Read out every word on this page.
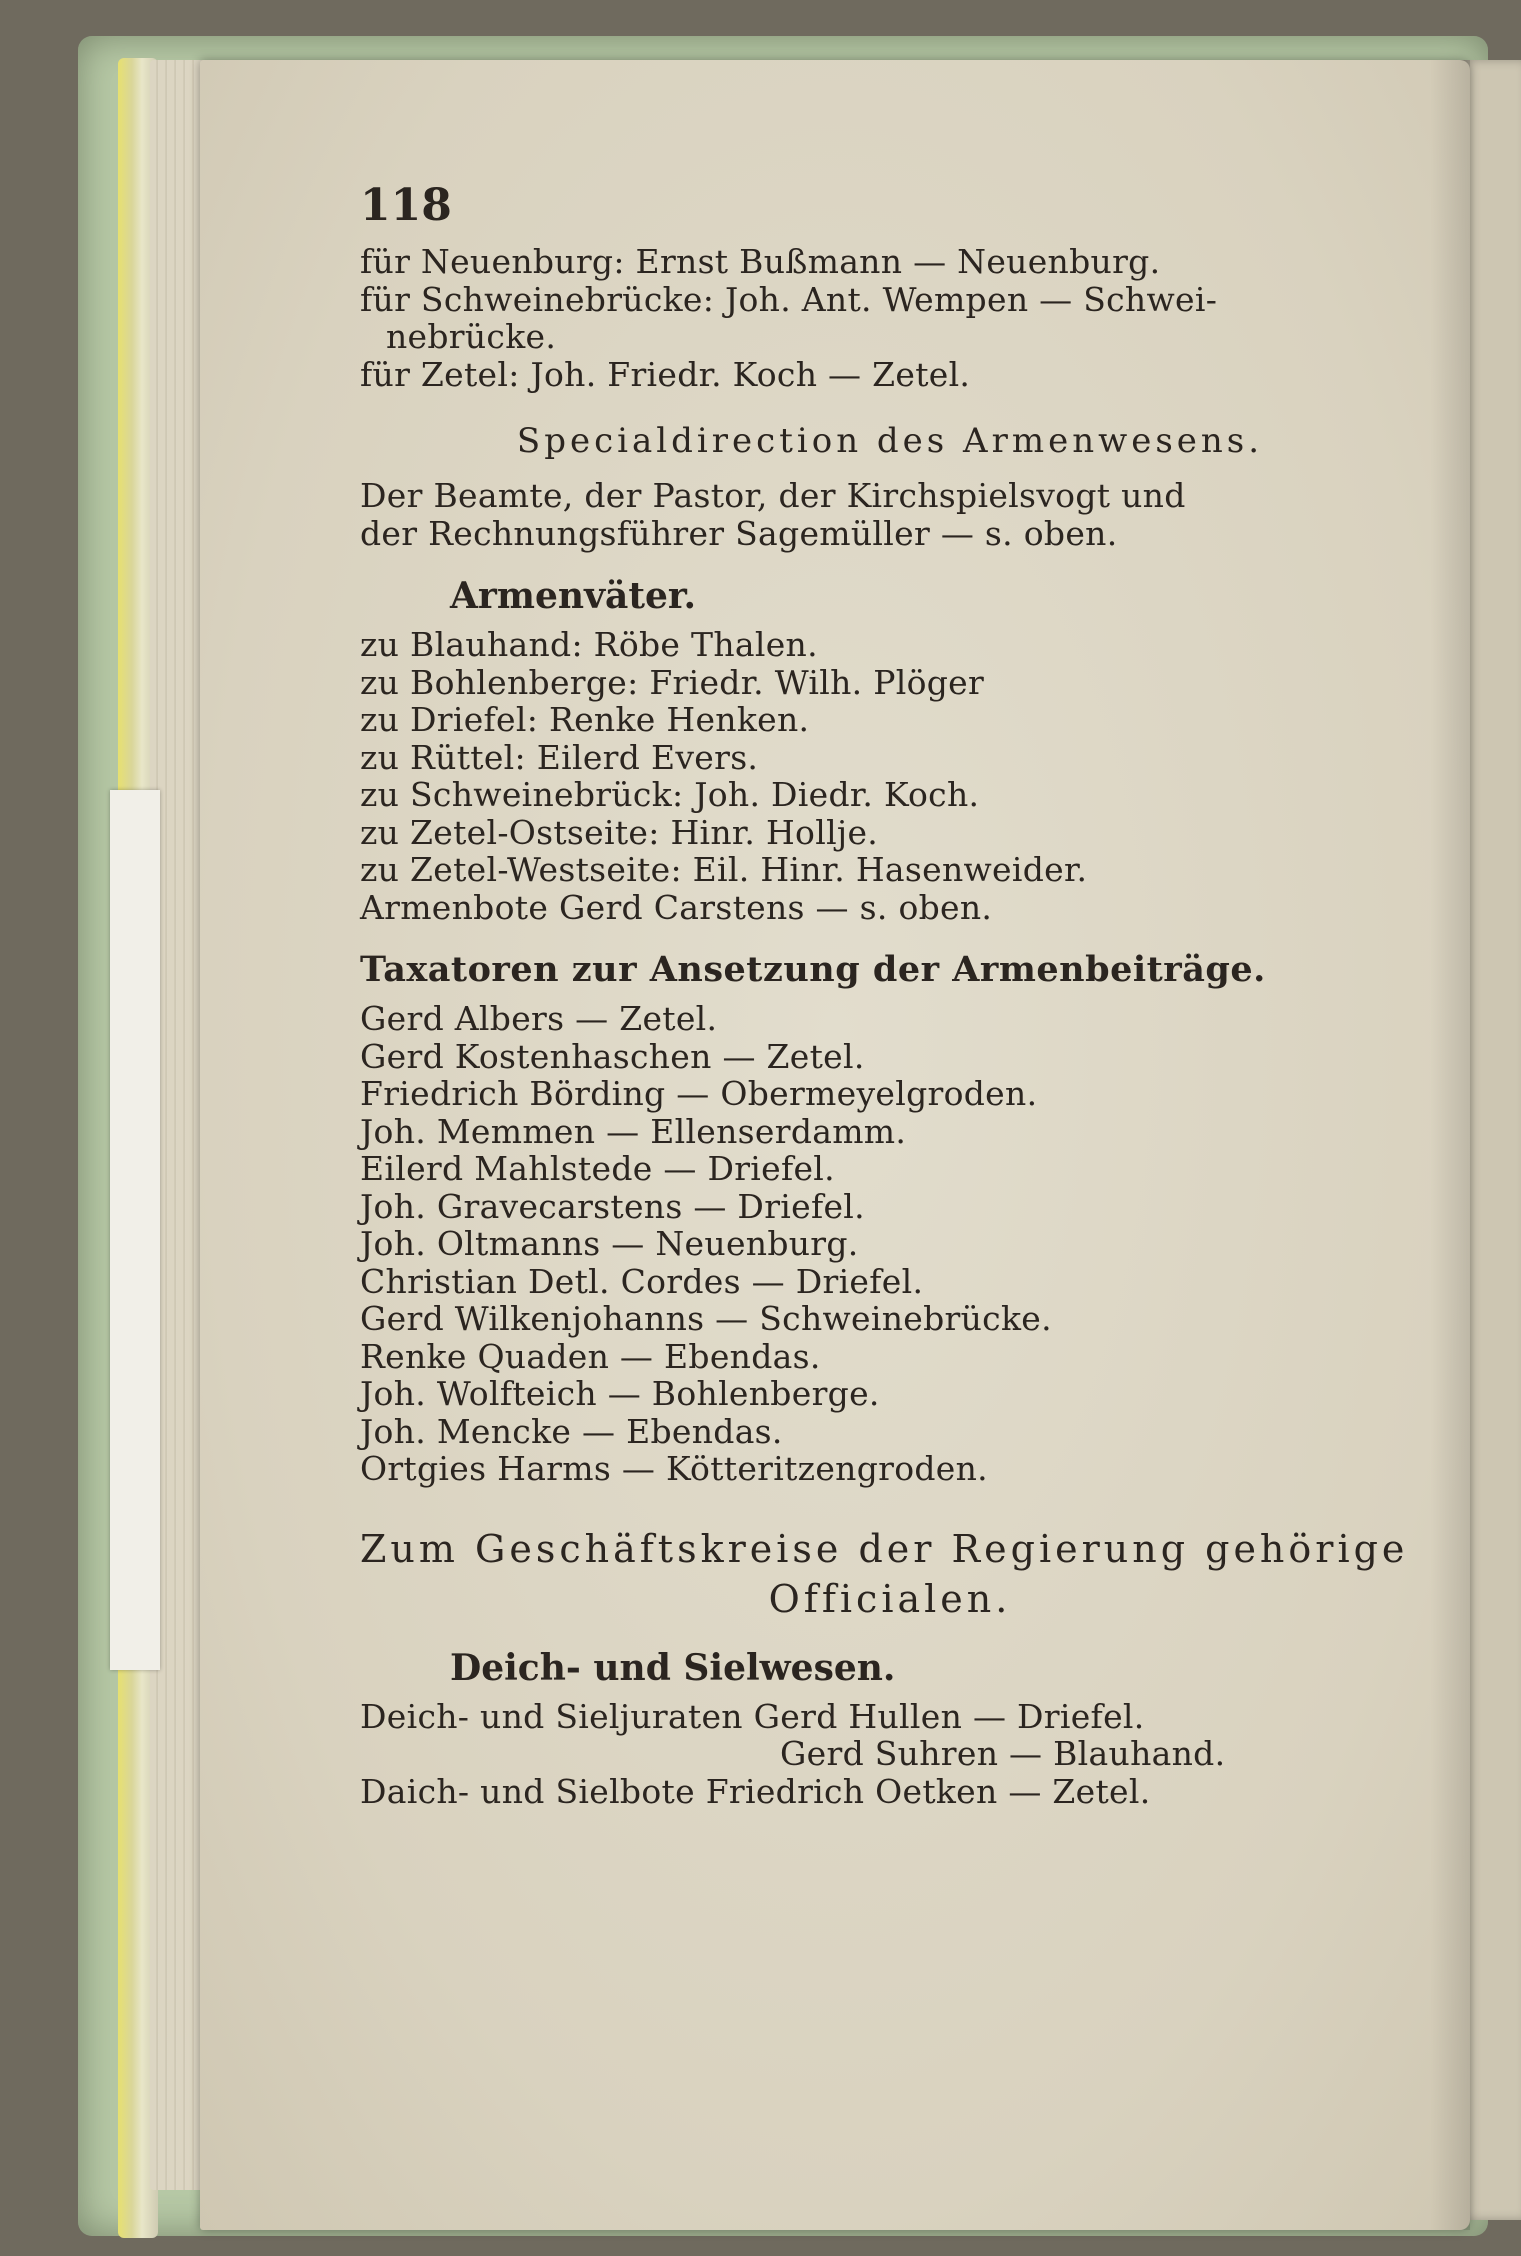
118
für Neuenburg: Ernst Bußmann — Neuenburg.
für Schweinebrücke: Joh. Ant. Wempen — Schwei-
nebrücke.
für Zetel: Joh. Friedr. Koch — Zetel.
Specialdirection des Armenwesens.
Der Beamte, der Pastor, der Kirchspielsvogt und
der Rechnungsführer Sagemüller — s. oben.
Armenväter.
zu Blauhand: Röbe Thalen.
zu Bohlenberge: Friedr. Wilh. Plöger
zu Driefel: Renke Henken.
zu Rüttel: Eilerd Evers.
zu Schweinebrück: Joh. Diedr. Koch.
zu Zetel-Ostseite: Hinr. Hollje.
zu Zetel-Westseite: Eil. Hinr. Hasenweider.
Armenbote Gerd Carstens — s. oben.
Taxatoren zur Ansetzung der Armenbeiträge.
Gerd Albers — Zetel.
Gerd Kostenhaschen — Zetel.
Friedrich Börding — Obermeyelgroden.
Joh. Memmen — Ellenserdamm.
Eilerd Mahlstede — Driefel.
Joh. Gravecarstens — Driefel.
Joh. Oltmanns — Neuenburg.
Christian Detl. Cordes — Driefel.
Gerd Wilkenjohanns — Schweinebrücke.
Renke Quaden — Ebendas.
Joh. Wolfteich — Bohlenberge.
Joh. Mencke — Ebendas.
Ortgies Harms — Kötteritzengroden.
Zum Geschäftskreise der Regierung gehörige
Officialen.
Deich- und Sielwesen.
Deich- und Sieljuraten Gerd Hullen — Driefel.
Gerd Suhren — Blauhand.
Daich- und Sielbote Friedrich Oetken — Zetel.
